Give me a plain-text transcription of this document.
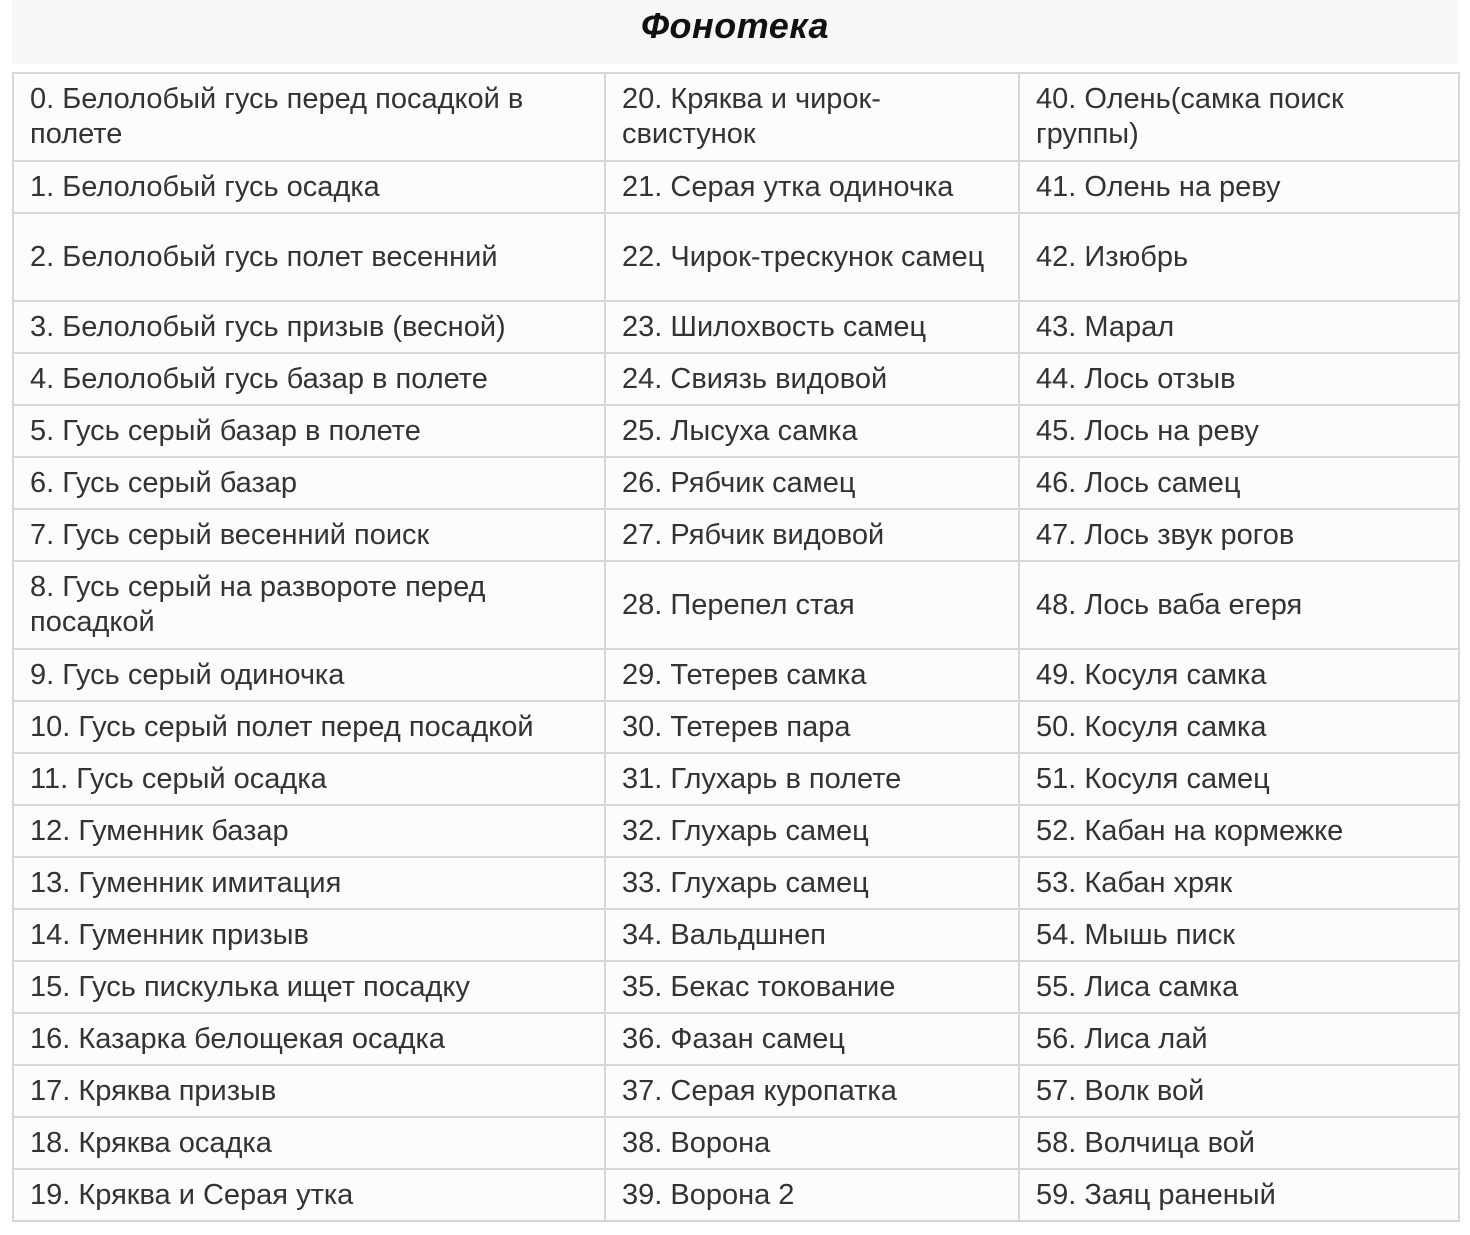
Фонотека
0. Белолобый гусь перед посадкой в полете	20. Кряква и чирок-свистунок	40. Олень(самка поиск группы)
1. Белолобый гусь осадка	21. Серая утка одиночка	41. Олень на реву
2. Белолобый гусь полет весенний	22. Чирок-трескунок самец	42. Изюбрь
3. Белолобый гусь призыв (весной)	23. Шилохвость самец	43. Марал
4. Белолобый гусь базар в полете	24. Свиязь видовой	44. Лось отзыв
5. Гусь серый базар в полете	25. Лысуха самка	45. Лось на реву
6. Гусь серый базар	26. Рябчик самец	46. Лось самец
7. Гусь серый весенний поиск	27. Рябчик видовой	47. Лось звук рогов
8. Гусь серый на развороте перед посадкой	28. Перепел стая	48. Лось ваба егеря
9. Гусь серый одиночка	29. Тетерев самка	49. Косуля самка
10. Гусь серый полет перед посадкой	30. Тетерев пара	50. Косуля самка
11. Гусь серый осадка	31. Глухарь в полете	51. Косуля самец
12. Гуменник базар	32. Глухарь самец	52. Кабан на кормежке
13. Гуменник имитация	33. Глухарь самец	53. Кабан хряк
14. Гуменник призыв	34. Вальдшнеп	54. Мышь писк
15. Гусь пискулька ищет посадку	35. Бекас токование	55. Лиса самка
16. Казарка белощекая осадка	36. Фазан самец	56. Лиса лай
17. Кряква призыв	37. Серая куропатка	57. Волк вой
18. Кряква осадка	38. Ворона	58. Волчица вой
19. Кряква и Серая утка	39. Ворона 2	59. Заяц раненый
